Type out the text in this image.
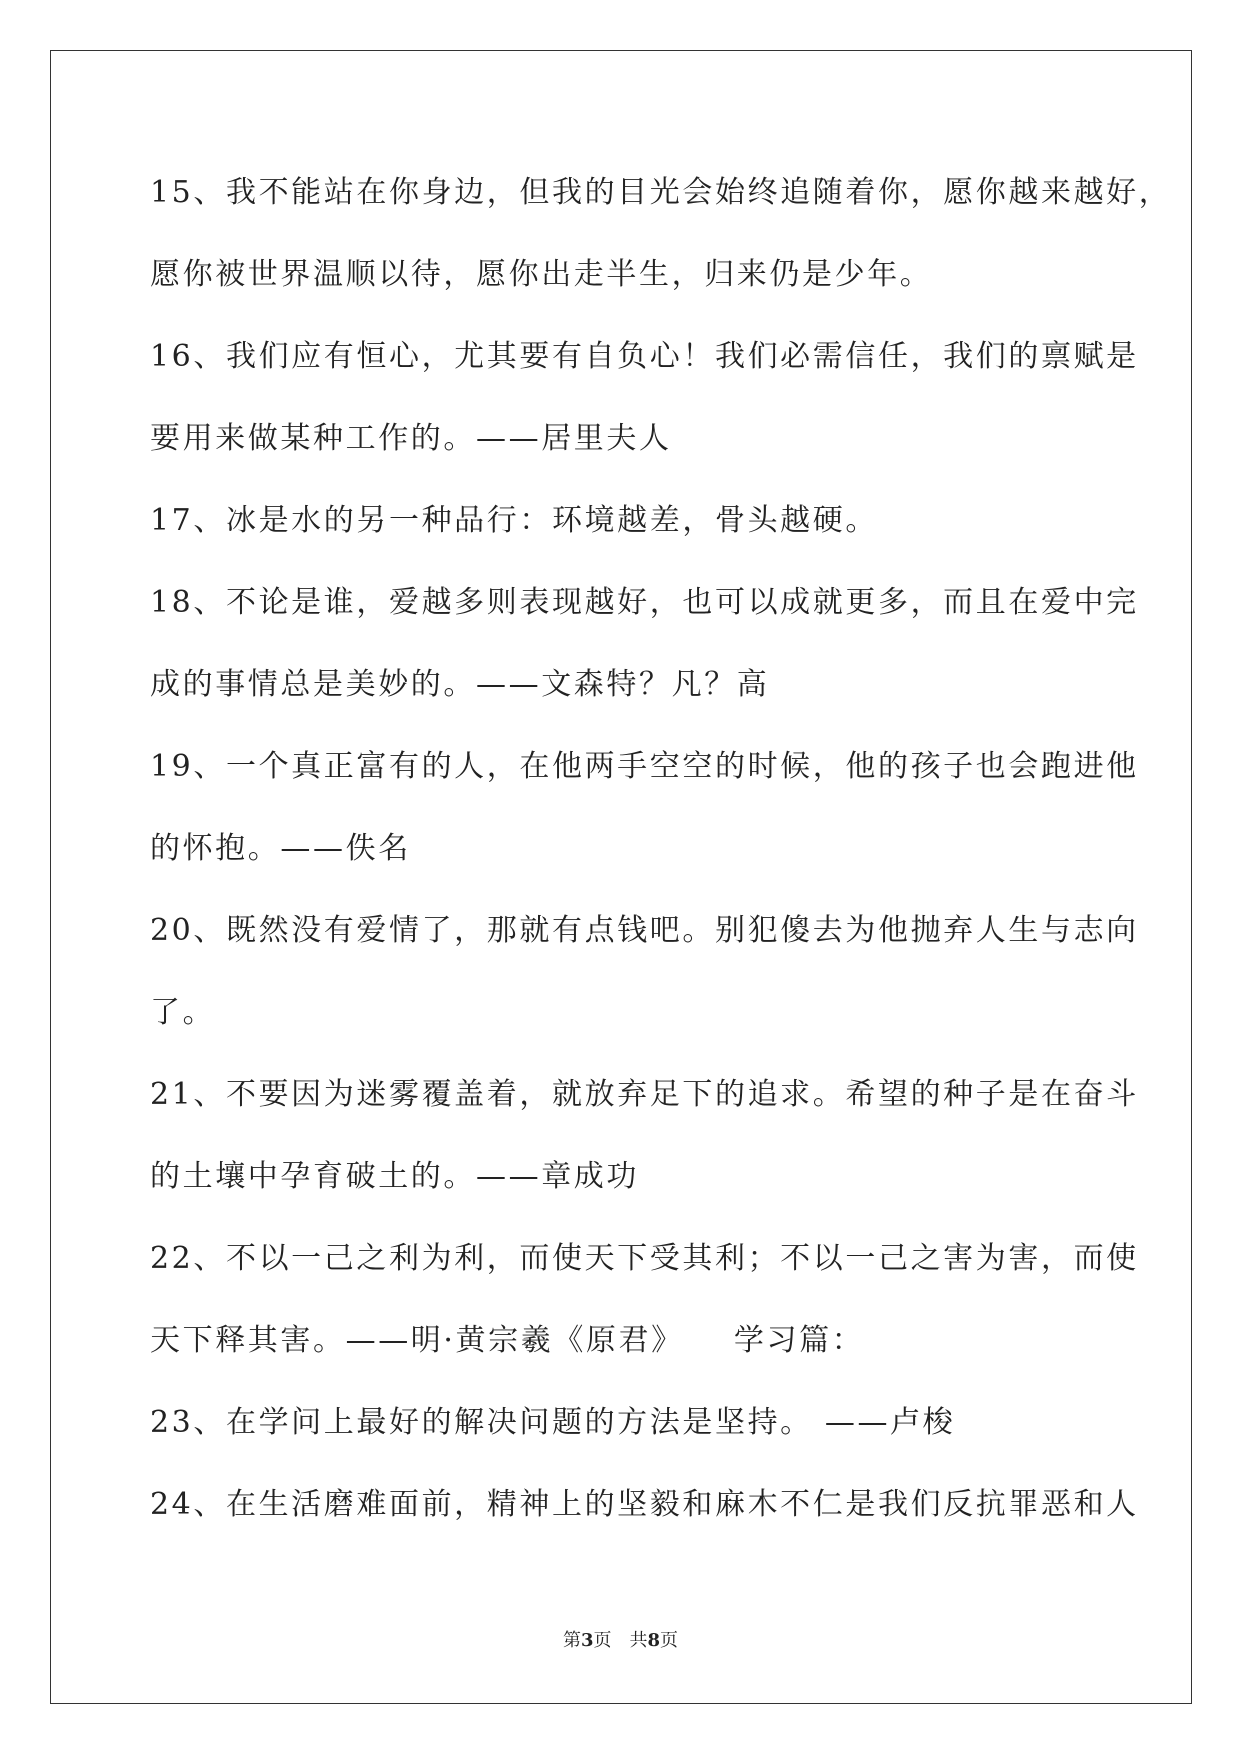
15、我不能站在你身边，但我的目光会始终追随着你，愿你越来越好，
愿你被世界温顺以待，愿你出走半生，归来仍是少年。
16、我们应有恒心，尤其要有自负心！我们必需信任，我们的禀赋是
要用来做某种工作的。——居里夫人
17、冰是水的另一种品行：环境越差，骨头越硬。
18、不论是谁，爱越多则表现越好，也可以成就更多，而且在爱中完
成的事情总是美妙的。——文森特？凡？高
19、一个真正富有的人，在他两手空空的时候，他的孩子也会跑进他
的怀抱。——佚名
20、既然没有爱情了，那就有点钱吧。别犯傻去为他抛弃人生与志向
了。
21、不要因为迷雾覆盖着，就放弃足下的追求。希望的种子是在奋斗
的土壤中孕育破土的。——章成功
22、不以一己之利为利，而使天下受其利；不以一己之害为害，而使
天下释其害。——明·黄宗羲《原君》　　学习篇：
23、在学问上最好的解决问题的方法是坚持。 ——卢梭
24、在生活磨难面前，精神上的坚毅和麻木不仁是我们反抗罪恶和人
第3页　共8页
